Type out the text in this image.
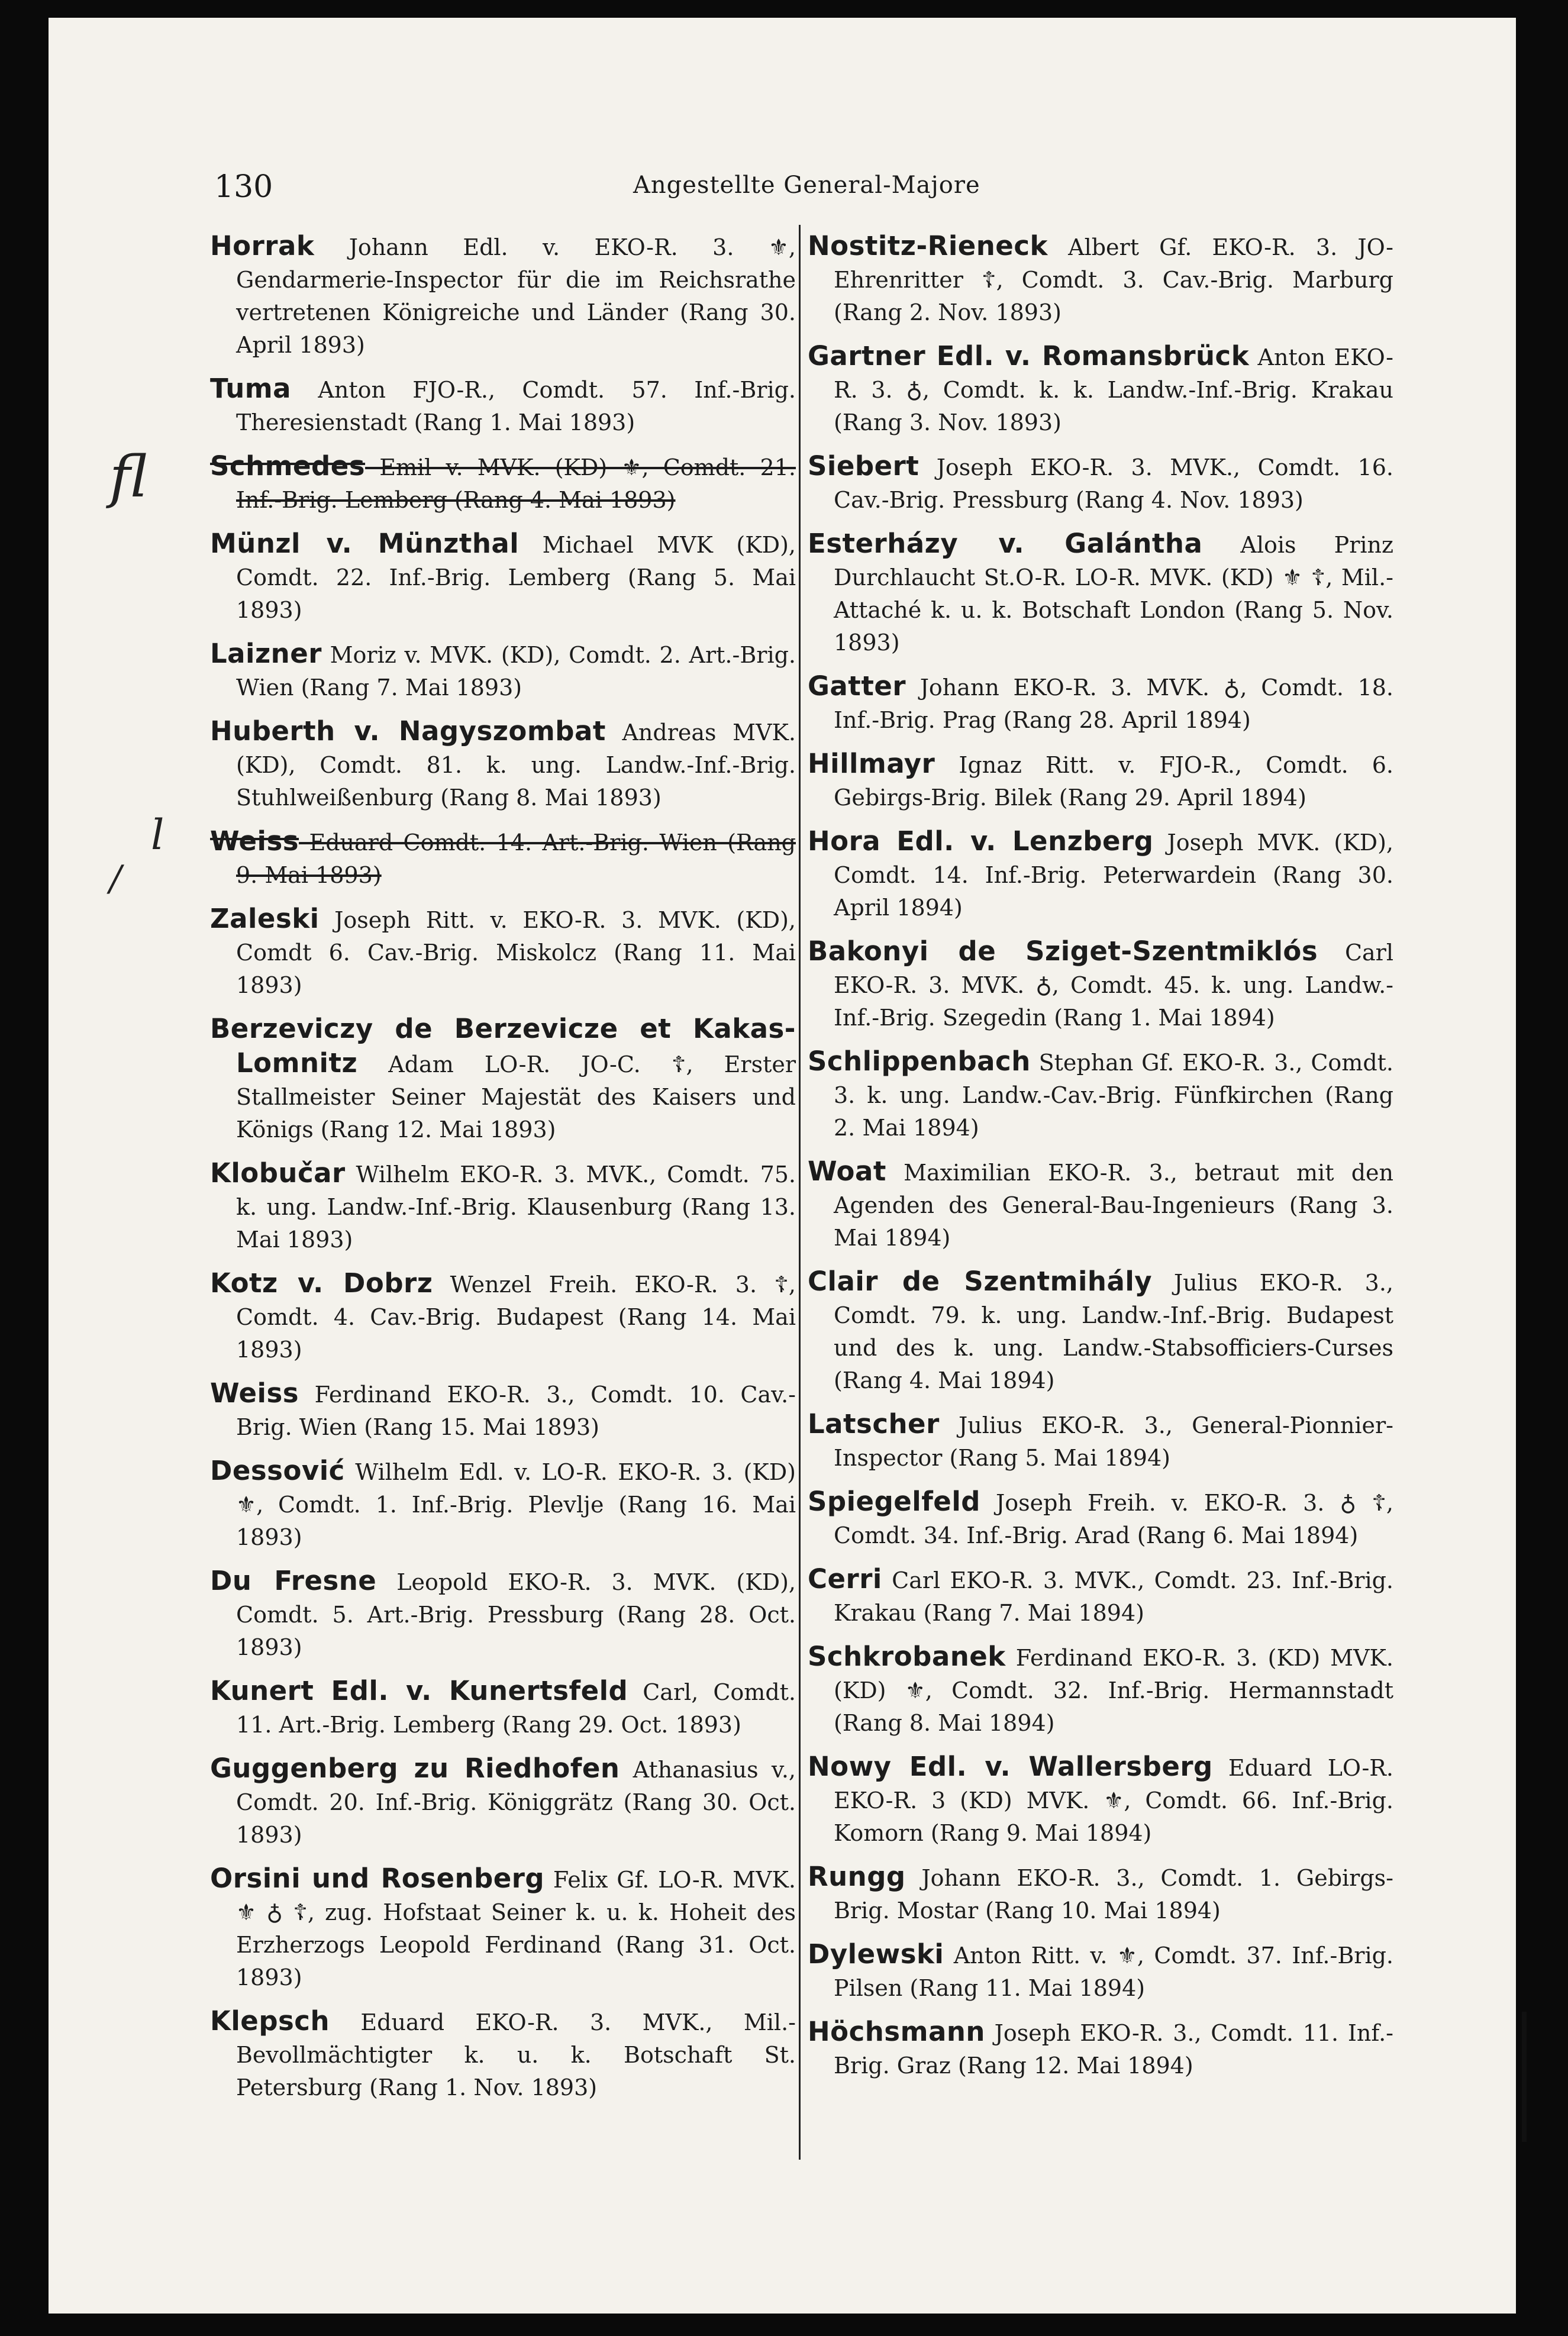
130	Angestellte General-Majore
fl
l
/

Horrak Johann Edl. v. EKO-R. 3. ⚜, Gendarmerie-Inspector für die im Reichsrathe vertretenen Königreiche und Länder (Rang 30. April 1893)

Tuma Anton FJO-R., Comdt. 57. Inf.-Brig. Theresienstadt (Rang 1. Mai 1893)

Schmedes Emil v. MVK. (KD) ⚜, Comdt. 21. Inf.-Brig. Lemberg (Rang 4. Mai 1893)

Münzl v. Münzthal Michael MVK (KD), Comdt. 22. Inf.-Brig. Lemberg (Rang 5. Mai 1893)

Laizner Moriz v. MVK. (KD), Comdt. 2. Art.-Brig. Wien (Rang 7. Mai 1893)

Huberth v. Nagyszombat Andreas MVK. (KD), Comdt. 81. k. ung. Landw.-Inf.-Brig. Stuhlweißenburg (Rang 8. Mai 1893)

Weiss Eduard Comdt. 14. Art.-Brig. Wien (Rang 9. Mai 1893)

Zaleski Joseph Ritt. v. EKO-R. 3. MVK. (KD), Comdt 6. Cav.-Brig. Miskolcz (Rang 11. Mai 1893)

Berzeviczy de Berzevicze et Kakas-Lomnitz Adam LO-R. JO-C. ☦, Erster Stallmeister Seiner Majestät des Kaisers und Königs (Rang 12. Mai 1893)

Klobučar Wilhelm EKO-R. 3. MVK., Comdt. 75. k. ung. Landw.-Inf.-Brig. Klausenburg (Rang 13. Mai 1893)

Kotz v. Dobrz Wenzel Freih. EKO-R. 3. ☦, Comdt. 4. Cav.-Brig. Budapest (Rang 14. Mai 1893)

Weiss Ferdinand EKO-R. 3., Comdt. 10. Cav.-Brig. Wien (Rang 15. Mai 1893)

Dessović Wilhelm Edl. v. LO-R. EKO-R. 3. (KD) ⚜, Comdt. 1. Inf.-Brig. Plevlje (Rang 16. Mai 1893)

Du Fresne Leopold EKO-R. 3. MVK. (KD), Comdt. 5. Art.-Brig. Pressburg (Rang 28. Oct. 1893)

Kunert Edl. v. Kunertsfeld Carl, Comdt. 11. Art.-Brig. Lemberg (Rang 29. Oct. 1893)

Guggenberg zu Riedhofen Athanasius v., Comdt. 20. Inf.-Brig. Königgrätz (Rang 30. Oct. 1893)

Orsini und Rosenberg Felix Gf. LO-R. MVK. ⚜ ♁ ☦, zug. Hofstaat Seiner k. u. k. Hoheit des Erzherzogs Leopold Ferdinand (Rang 31. Oct. 1893)

Klepsch Eduard EKO-R. 3. MVK., Mil.-Bevollmächtigter k. u. k. Botschaft St. Petersburg (Rang 1. Nov. 1893)

Nostitz-Rieneck Albert Gf. EKO-R. 3. JO-Ehrenritter ☦, Comdt. 3. Cav.-Brig. Marburg (Rang 2. Nov. 1893)

Gartner Edl. v. Romansbrück Anton EKO-R. 3. ♁, Comdt. k. k. Landw.-Inf.-Brig. Krakau (Rang 3. Nov. 1893)

Siebert Joseph EKO-R. 3. MVK., Comdt. 16. Cav.-Brig. Pressburg (Rang 4. Nov. 1893)

Esterházy v. Galántha Alois Prinz Durchlaucht St.O-R. LO-R. MVK. (KD) ⚜ ☦, Mil.-Attaché k. u. k. Botschaft London (Rang 5. Nov. 1893)

Gatter Johann EKO-R. 3. MVK. ♁, Comdt. 18. Inf.-Brig. Prag (Rang 28. April 1894)

Hillmayr Ignaz Ritt. v. FJO-R., Comdt. 6. Gebirgs-Brig. Bilek (Rang 29. April 1894)

Hora Edl. v. Lenzberg Joseph MVK. (KD), Comdt. 14. Inf.-Brig. Peterwardein (Rang 30. April 1894)

Bakonyi de Sziget-Szentmiklós Carl EKO-R. 3. MVK. ♁, Comdt. 45. k. ung. Landw.-Inf.-Brig. Szegedin (Rang 1. Mai 1894)

Schlippenbach Stephan Gf. EKO-R. 3., Comdt. 3. k. ung. Landw.-Cav.-Brig. Fünfkirchen (Rang 2. Mai 1894)

Woat Maximilian EKO-R. 3., betraut mit den Agenden des General-Bau-Ingenieurs (Rang 3. Mai 1894)

Clair de Szentmihály Julius EKO-R. 3., Comdt. 79. k. ung. Landw.-Inf.-Brig. Budapest und des k. ung. Landw.-Stabsofficiers-Curses (Rang 4. Mai 1894)

Latscher Julius EKO-R. 3., General-Pionnier-Inspector (Rang 5. Mai 1894)

Spiegelfeld Joseph Freih. v. EKO-R. 3. ♁ ☦, Comdt. 34. Inf.-Brig. Arad (Rang 6. Mai 1894)

Cerri Carl EKO-R. 3. MVK., Comdt. 23. Inf.-Brig. Krakau (Rang 7. Mai 1894)

Schkrobanek Ferdinand EKO-R. 3. (KD) MVK. (KD) ⚜, Comdt. 32. Inf.-Brig. Hermannstadt (Rang 8. Mai 1894)

Nowy Edl. v. Wallersberg Eduard LO-R. EKO-R. 3 (KD) MVK. ⚜, Comdt. 66. Inf.-Brig. Komorn (Rang 9. Mai 1894)

Rungg Johann EKO-R. 3., Comdt. 1. Gebirgs-Brig. Mostar (Rang 10. Mai 1894)

Dylewski Anton Ritt. v. ⚜, Comdt. 37. Inf.-Brig. Pilsen (Rang 11. Mai 1894)

Höchsmann Joseph EKO-R. 3., Comdt. 11. Inf.-Brig. Graz (Rang 12. Mai 1894)
